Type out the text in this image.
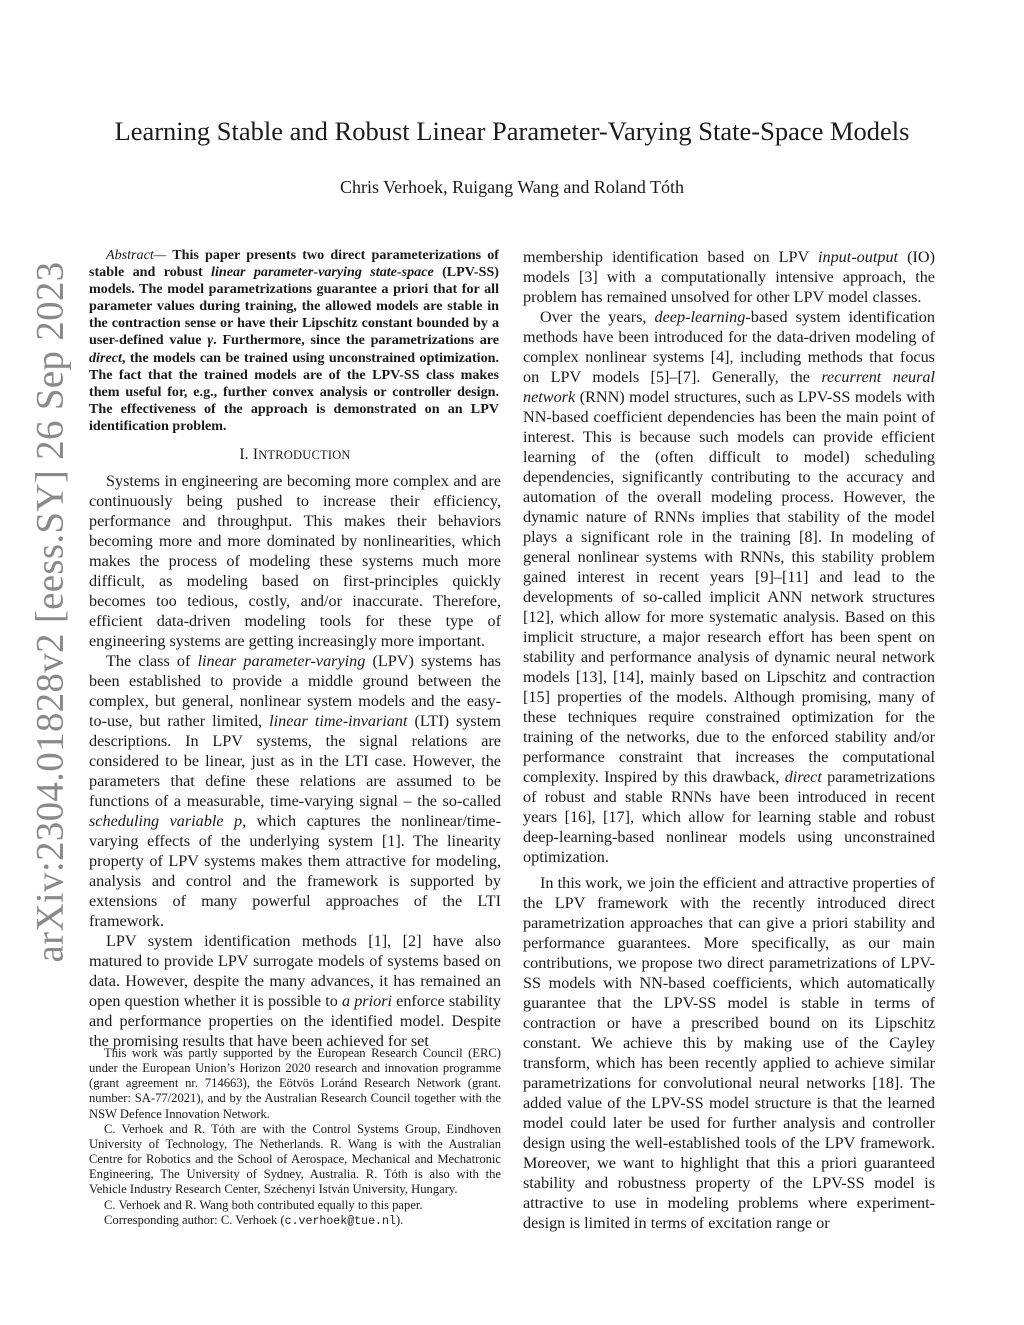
arXiv:2304.01828v2 [eess.SY] 26 Sep 2023
Learning Stable and Robust Linear Parameter-Varying State-Space Models
Chris Verhoek, Ruigang Wang and Roland Tóth

Abstract— This paper presents two direct parameterizations of stable and robust linear parameter-varying state-space (LPV-SS) models. The model parametrizations guarantee a priori that for all parameter values during training, the allowed models are stable in the contraction sense or have their Lipschitz constant bounded by a user-defined value γ. Furthermore, since the parametrizations are direct, the models can be trained using unconstrained optimization. The fact that the trained models are of the LPV-SS class makes them useful for, e.g., further convex analysis or controller design. The effectiveness of the approach is demonstrated on an LPV identification problem.

I. INTRODUCTION

Systems in engineering are becoming more complex and are continuously being pushed to increase their efficiency, performance and throughput. This makes their behaviors becoming more and more dominated by nonlinearities, which makes the process of modeling these systems much more difficult, as modeling based on first-principles quickly becomes too tedious, costly, and/or inaccurate. Therefore, efficient data-driven modeling tools for these type of engineering systems are getting increasingly more important.

The class of linear parameter-varying (LPV) systems has been established to provide a middle ground between the complex, but general, nonlinear system models and the easy-to-use, but rather limited, linear time-invariant (LTI) system descriptions. In LPV systems, the signal relations are considered to be linear, just as in the LTI case. However, the parameters that define these relations are assumed to be functions of a measurable, time-varying signal – the so-called scheduling variable p, which captures the nonlinear/time-varying effects of the underlying system [1]. The linearity property of LPV systems makes them attractive for modeling, analysis and control and the framework is supported by extensions of many powerful approaches of the LTI framework.

LPV system identification methods [1], [2] have also matured to provide LPV surrogate models of systems based on data. However, despite the many advances, it has remained an open question whether it is possible to a priori enforce stability and performance properties on the identified model. Despite the promising results that have been achieved for set

This work was partly supported by the European Research Council (ERC) under the European Union’s Horizon 2020 research and innovation programme (grant agreement nr. 714663), the Eötvös Loránd Research Network (grant. number: SA-77/2021), and by the Australian Research Council together with the NSW Defence Innovation Network.

C. Verhoek and R. Tóth are with the Control Systems Group, Eindhoven University of Technology, The Netherlands. R. Wang is with the Australian Centre for Robotics and the School of Aerospace, Mechanical and Mechatronic Engineering, The University of Sydney, Australia. R. Tóth is also with the Vehicle Industry Research Center, Széchenyi István University, Hungary.

C. Verhoek and R. Wang both contributed equally to this paper.

Corresponding author: C. Verhoek (c.verhoek@tue.nl).

membership identification based on LPV input-output (IO) models [3] with a computationally intensive approach, the problem has remained unsolved for other LPV model classes.

Over the years, deep-learning-based system identification methods have been introduced for the data-driven modeling of complex nonlinear systems [4], including methods that focus on LPV models [5]–[7]. Generally, the recurrent neural network (RNN) model structures, such as LPV-SS models with NN-based coefficient dependencies has been the main point of interest. This is because such models can provide efficient learning of the (often difficult to model) scheduling dependencies, significantly contributing to the accuracy and automation of the overall modeling process. However, the dynamic nature of RNNs implies that stability of the model plays a significant role in the training [8]. In modeling of general nonlinear systems with RNNs, this stability problem gained interest in recent years [9]–[11] and lead to the developments of so-called implicit ANN network structures [12], which allow for more systematic analysis. Based on this implicit structure, a major research effort has been spent on stability and performance analysis of dynamic neural network models [13], [14], mainly based on Lipschitz and contraction [15] properties of the models. Although promising, many of these techniques require constrained optimization for the training of the networks, due to the enforced stability and/or performance constraint that increases the computational complexity. Inspired by this drawback, direct parametrizations of robust and stable RNNs have been introduced in recent years [16], [17], which allow for learning stable and robust deep-learning-based nonlinear models using unconstrained optimization.

In this work, we join the efficient and attractive properties of the LPV framework with the recently introduced direct parametrization approaches that can give a priori stability and performance guarantees. More specifically, as our main contributions, we propose two direct parametrizations of LPV-SS models with NN-based coefficients, which automatically guarantee that the LPV-SS model is stable in terms of contraction or have a prescribed bound on its Lipschitz constant. We achieve this by making use of the Cayley transform, which has been recently applied to achieve similar parametrizations for convolutional neural networks [18]. The added value of the LPV-SS model structure is that the learned model could later be used for further analysis and controller design using the well-established tools of the LPV framework. Moreover, we want to highlight that this a priori guaranteed stability and robustness property of the LPV-SS model is attractive to use in modeling problems where experiment-design is limited in terms of excitation range or
